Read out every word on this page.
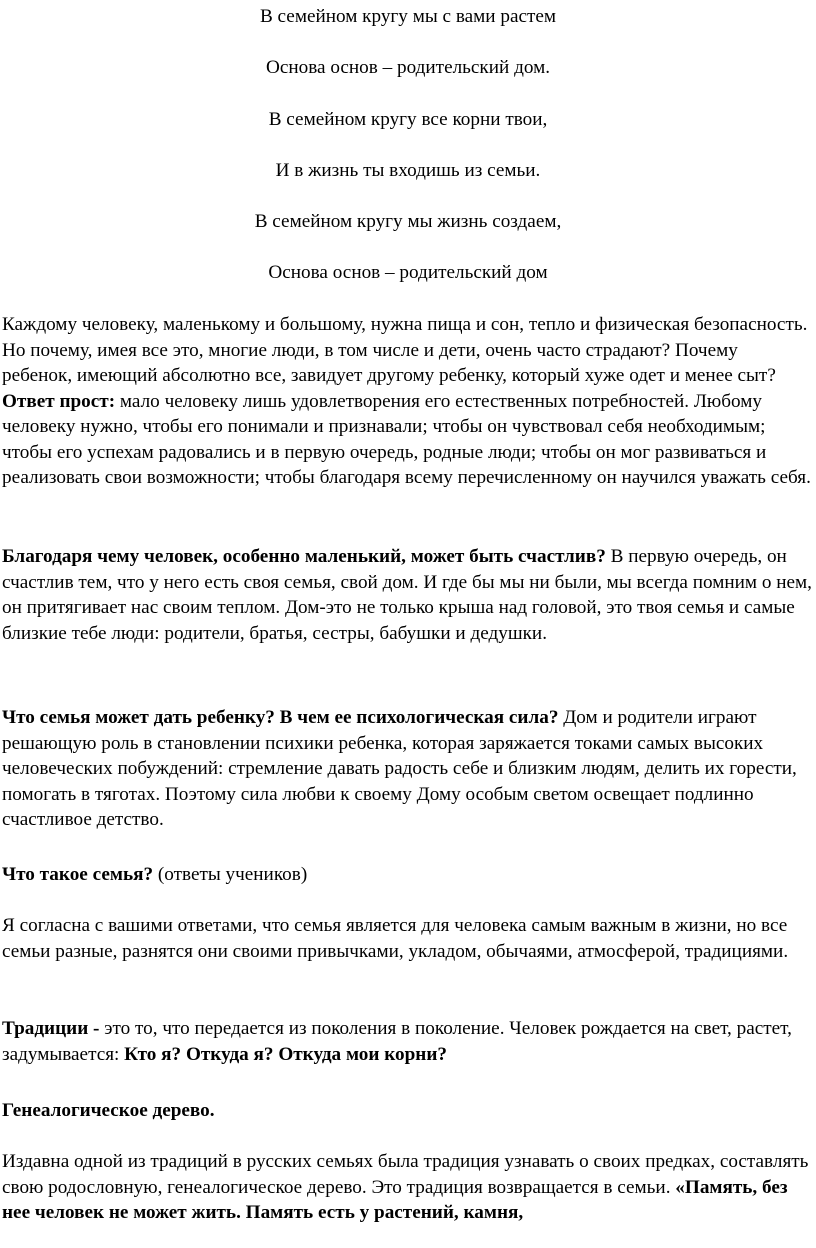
В семейном кругу мы с вами растем
Основа основ – родительский дом.
В семейном кругу все корни твои,
И в жизнь ты входишь из семьи.
В семейном кругу мы жизнь создаем,
Основа основ – родительский дом

Каждому человеку, маленькому и большому, нужна пища и сон, тепло и физическая безопасность. Но почему, имея все это, многие люди, в том числе и дети, очень часто страдают? Почему ребенок, имеющий абсолютно все, завидует другому ребенку, который хуже одет и менее сыт? Ответ прост: мало человеку лишь удовлетворения его естественных потребностей. Любому человеку нужно, чтобы его понимали и признавали; чтобы он чувствовал себя необходимым; чтобы его успехам радовались и в первую очередь, родные люди; чтобы он мог развиваться и реализовать свои возможности; чтобы благодаря всему перечисленному он научился уважать себя.

Благодаря чему человек, особенно маленький, может быть счастлив? В первую очередь, он счастлив тем, что у него есть своя семья, свой дом. И где бы мы ни были, мы всегда помним о нем, он притягивает нас своим теплом. Дом-это не только крыша над головой, это твоя семья и самые близкие тебе люди: родители, братья, сестры, бабушки и дедушки.

Что семья может дать ребенку? В чем ее психологическая сила? Дом и родители играют решающую роль в становлении психики ребенка, которая заряжается токами самых высоких человеческих побуждений: стремление давать радость себе и близким людям, делить их горести, помогать в тяготах. Поэтому сила любви к своему Дому особым светом освещает подлинно счастливое детство.

Что такое семья? (ответы учеников)

Я согласна с вашими ответами, что семья является для человека самым важным в жизни, но все семьи разные, разнятся они своими привычками, укладом, обычаями, атмосферой, традициями.

Традиции - это то, что передается из поколения в поколение. Человек рождается на свет, растет, задумывается: Кто я? Откуда я? Откуда мои корни?

Генеалогическое дерево.

Издавна одной из традиций в русских семьях была традиция узнавать о своих предках, составлять свою родословную, генеалогическое дерево. Это традиция возвращается в семьи. «Память, без нее человек не может жить. Память есть у растений, камня,
